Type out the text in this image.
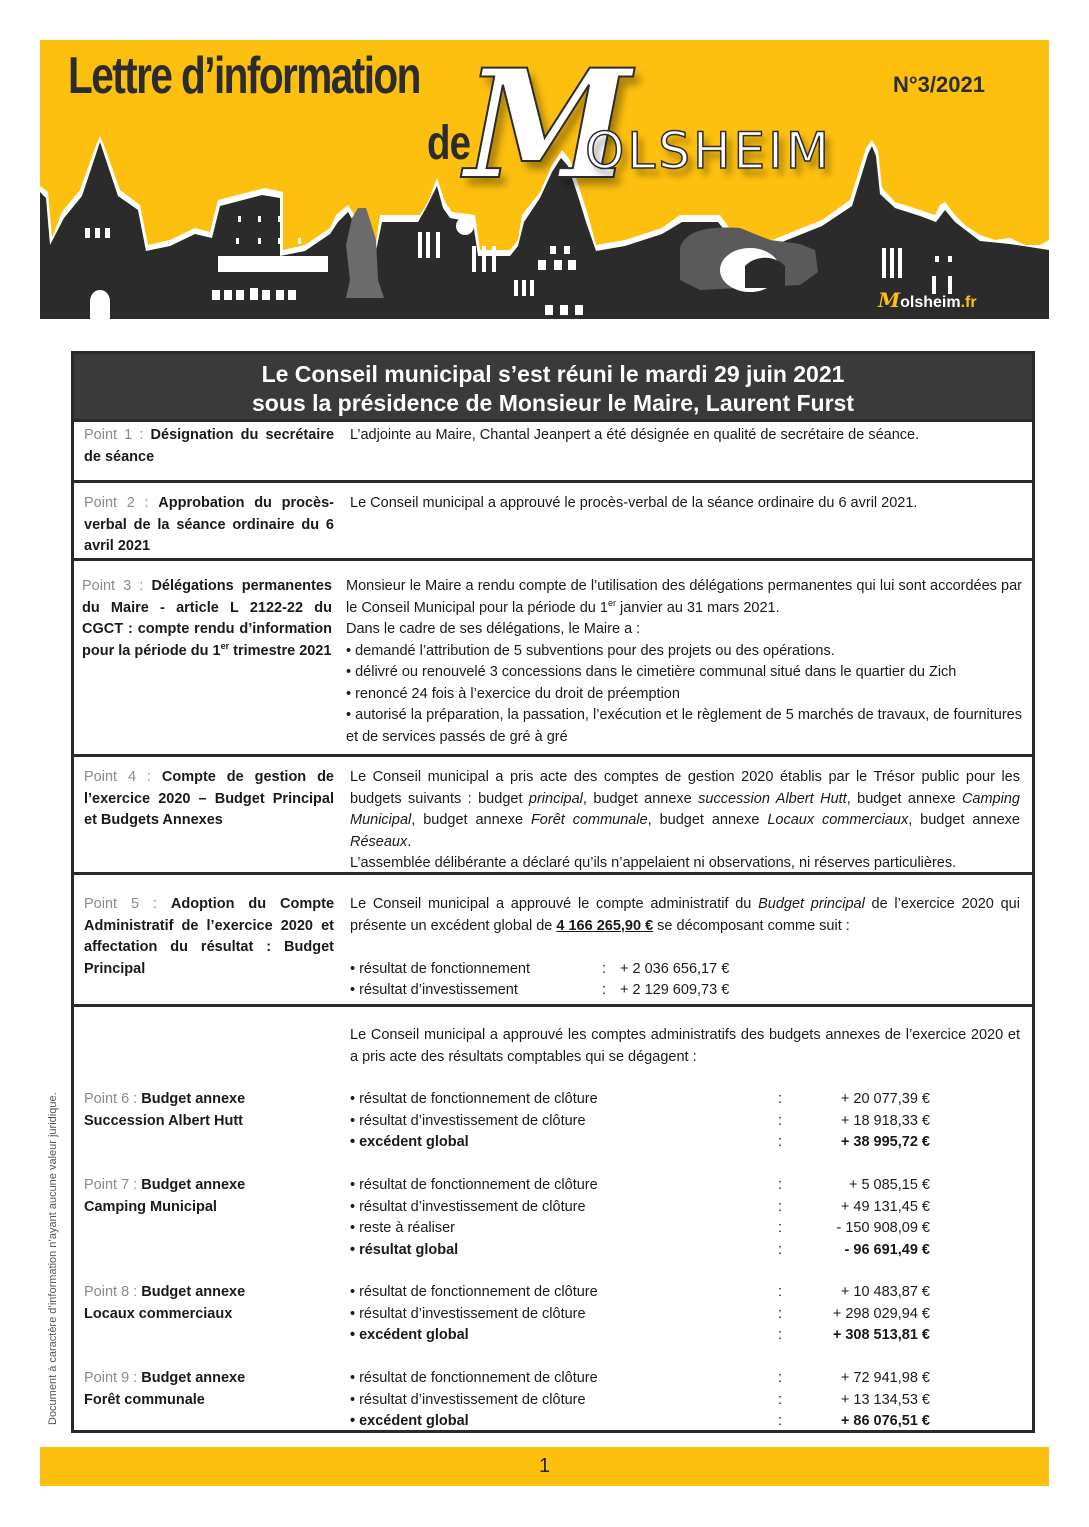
Lettre d’information
de
M
OLSHEIM
N°3/2021
Molsheim.fr
Le Conseil municipal s’est réuni le mardi 29 juin 2021
sous la présidence de Monsieur le Maire, Laurent Furst
Point 1 : Désignation du secrétaire de séance
L’adjointe au Maire, Chantal Jeanpert a été désignée en qualité de secrétaire de séance.
Point 2 : Approbation du procès-verbal de la séance ordinaire du 6 avril 2021
Le Conseil municipal a approuvé le procès-verbal de la séance ordinaire du 6 avril 2021.
Point 3 : Délégations permanentes du Maire - article L 2122-22 du CGCT : compte rendu d’information pour la période du 1er trimestre 2021
Monsieur le Maire a rendu compte de l’utilisation des délégations permanentes qui lui sont accordées par le Conseil Municipal pour la période du 1er janvier au 31 mars 2021.
Dans le cadre de ses délégations, le Maire a :
• demandé l’attribution de 5 subventions pour des projets ou des opérations.
• délivré ou renouvelé 3 concessions dans le cimetière communal situé dans le quartier du Zich
• renoncé 24 fois à l’exercice du droit de préemption
• autorisé la préparation, la passation, l’exécution et le règlement de 5 marchés de travaux, de fournitures et de services passés de gré à gré
Point 4 : Compte de gestion de l’exercice 2020 – Budget Principal et Budgets Annexes
Le Conseil municipal a pris acte des comptes de gestion 2020 établis par le Trésor public pour les budgets suivants : budget principal, budget annexe succession Albert Hutt, budget annexe Camping Municipal, budget annexe Forêt communale, budget annexe Locaux commerciaux, budget annexe Réseaux.
L’assemblée délibérante a déclaré qu’ils n’appelaient ni observations, ni réserves particulières.
Point 5 : Adoption du Compte Administratif de l’exercice 2020 et affectation du résultat : Budget Principal
Le Conseil municipal a approuvé le compte administratif du Budget principal de l’exercice 2020 qui présente un excédent global de 4 166 265,90 € se décomposant comme suit :
• résultat de fonctionnement	: + 2 036 656,17 €
• résultat d’investissement	: + 2 129 609,73 €
Le Conseil municipal a approuvé les comptes administratifs des budgets annexes de l’exercice 2020 et a pris acte des résultats comptables qui se dégagent :
Point 6 : Budget annexe
Succession Albert Hutt
• résultat de fonctionnement de clôture	:	+ 20 077,39 €
• résultat d’investissement de clôture	:	+ 18 918,33 €
• excédent global	:	+ 38 995,72 €
Point 7 : Budget annexe
Camping Municipal
• résultat de fonctionnement de clôture	:	+ 5 085,15 €
• résultat d’investissement de clôture	:	+ 49 131,45 €
• reste à réaliser	:	- 150 908,09 €
• résultat global	:	- 96 691,49 €
Point 8 : Budget annexe
Locaux commerciaux
• résultat de fonctionnement de clôture	:	+ 10 483,87 €
• résultat d’investissement de clôture	:	+ 298 029,94 €
• excédent global	:	+ 308 513,81 €
Point 9 : Budget annexe
Forêt communale
• résultat de fonctionnement de clôture	:	+ 72 941,98 €
• résultat d’investissement de clôture	:	+ 13 134,53 €
• excédent global	:	+ 86 076,51 €
Document à caractère d’information n’ayant aucune valeur juridique.
1
